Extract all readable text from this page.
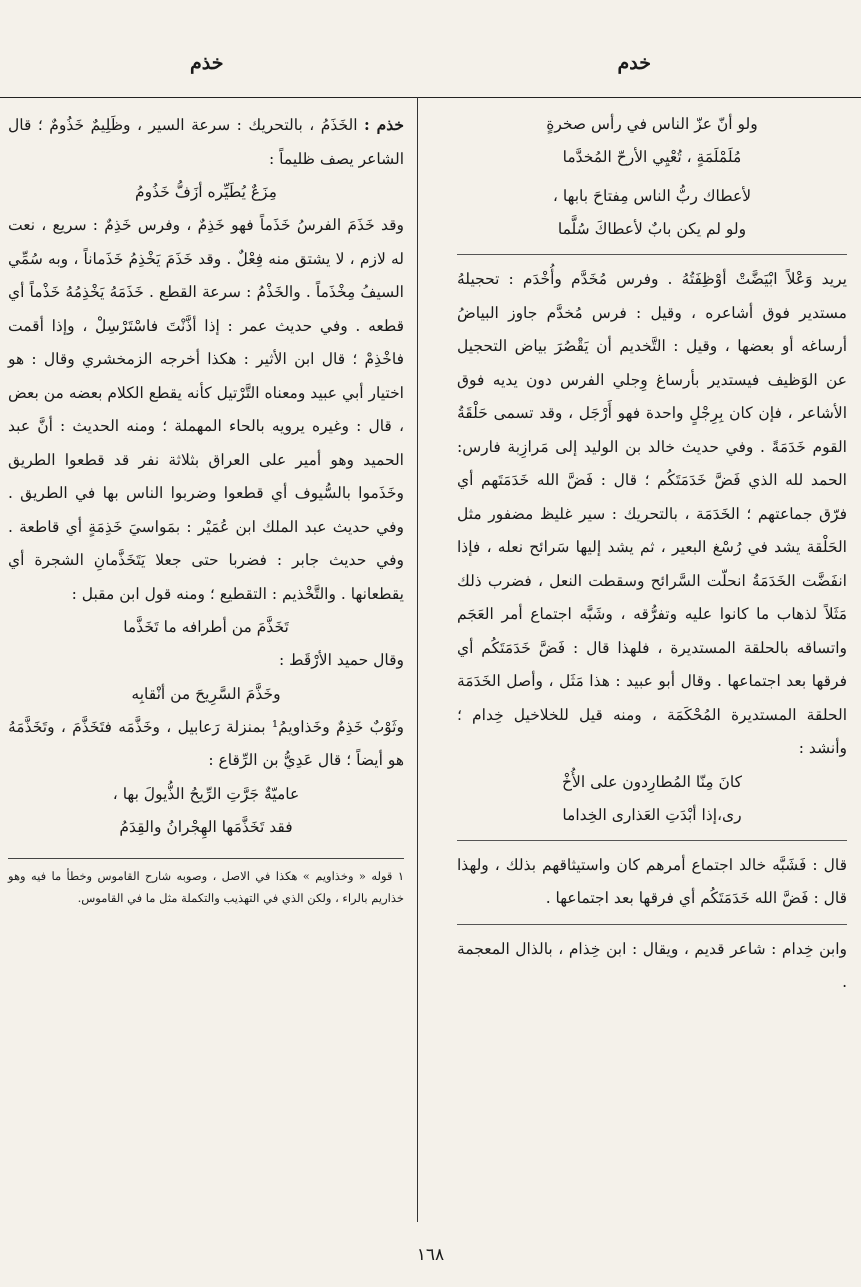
خدم
خذم

ولو أنّ عزّ الناس في رأس صخرةٍ

مُلَمْلَمَةٍ ، تُعْيِي الأرحّ المُخدَّما

لأعطاك ربُّ الناس مِفتاحَ بابها ،

ولو لم يكن بابٌ لأعطاكَ سُلَّما

يريد وَعْلاً ابْيَضَّتْ أوْظِفَتُهُ . وفرس مُخَدَّم وأُخْدَم : تحجيلهُ مستدير فوق أشاعره ، وقيل : فرس مُخدَّم جاوز البياضُ أرساغه أو بعضها ، وقيل : التَّخديم أن يَقْصُرَ بياض التحجيل عن الوَظيف فيستدير بأرساغ وِجلي الفرس دون يديه فوق الأشاعر ، فإن كان بِرِجْلٍ واحدة فهو أَرْجَل ، وقد تسمى حَلْقَةُ القوم خَدَمَةً . وفي حديث خالد بن الوليد إلى مَرازِبة فارس: الحمد لله الذي فَضَّ خَدَمَتَكُم ؛ قال : فَضَّ الله خَدَمَتَهم أي فرّق جماعتهم ؛ الخَدَمَة ، بالتحريك : سير غليظ مضفور مثل الحَلْقة يشد في رُسْغ البعير ، ثم يشد إليها سَرائح نعله ، فإذا انفَضَّت الخَدَمَةُ انحلّت السَّرائح وسقطت النعل ، فضرب ذلك مَثَلاً لذهاب ما كانوا عليه وتفرُّقه ، وشَبَّه اجتماع أمر العَجَم واتساقه بالحلقة المستديرة ، فلهذا قال : فَضَّ خَدَمَتَكُم أي فرقها بعد اجتماعها . وقال أبو عبيد : هذا مَثَل ، وأصل الخَدَمَة الحلقة المستديرة المُحْكَمَة ، ومنه قيل للخلاخيل خِدام ؛ وأنشد :

كانَ مِنّا المُطارِدون على الأُخْ

رى،إذا أبْدَتِ العَذارى الخِداما

قال : فَشَبَّه خالد اجتماع أمرهم كان واستيثاقهم بذلك ، ولهذا قال : فَضَّ الله خَدَمَتَكُم أي فرقها بعد اجتماعها .

وابن خِدام : شاعر قديم ، ويقال : ابن خِذام ، بالذال المعجمة .

خذم : الخَذَمُ ، بالتحريك : سرعة السير ، وظَلِيمٌ خَذُومٌ ؛ قال الشاعر يصف ظليماً :

مِزَعٌ يُطَيِّره أزَفُّ خَذُومُ

وقد خَذَمَ الفرسُ خَذَماً فهو خَذِمٌ ، وفرس خَذِمٌ : سريع ، نعت له لازم ، لا يشتق منه فِعْلٌ . وقد خَذَمَ يَخْذِمُ خَذَماناً ، وبه سُمِّي السيفُ مِخْذَماً . والخَذْمُ : سرعة القطع . خَذَمَهُ يَخْذِمُهُ خَذْماً أي قطعه . وفي حديث عمر : إذا أذَّنْتَ فاسْتَرْسِلْ ، وإذا أقمت فاخْذِمْ ؛ قال ابن الأثير : هكذا أخرجه الزمخشري وقال : هو اختيار أبي عبيد ومعناه التَّرْتيل كأنه يقطع الكلام بعضه من بعض ، قال : وغيره يرويه بالحاء المهملة ؛ ومنه الحديث : أنَّ عبد الحميد وهو أمير على العراق بثلاثة نفر قد قطعوا الطريق وخَذَموا بالسُّيوف أي قطعوا وضربوا الناس بها في الطريق . وفي حديث عبد الملك ابن عُمَيْر : بمَواسيَ خَذِمَةٍ أي قاطعة . وفي حديث جابر : فضربا حتى جعلا يَتَخَذَّمانِ الشجرة أي يقطعانها . والتَّخْذيم : التقطيع ؛ ومنه قول ابن مقبل :

تَخَذَّمَ من أطرافه ما تَخَذَّما

وقال حميد الأرْقَط :

وخَذَّمَ السَّرِيحَ من أنْقابِه

وثَوْبٌ خَذِمٌ وخَذاويمُ¹ بمنزلة رَعابيل ، وخَذَّمَه فتَخَذَّمَ ، وتَخَذَّمَهُ هو أيضاً ؛ قال عَدِيُّ بن الرِّقاع :

عاميّةٌ جَرَّتِ الرِّيحُ الذُّيولَ بها ،

فقد تَخَذَّمَها الهِجْرانُ والقِدَمُ

١ قوله « وخذاويم » هكذا في الاصل ، وصوبه شارح القاموس وخطأ ما فيه وهو خذاريم بالراء ، ولكن الذي في التهذيب والتكملة مثل ما في القاموس.

١٦٨
